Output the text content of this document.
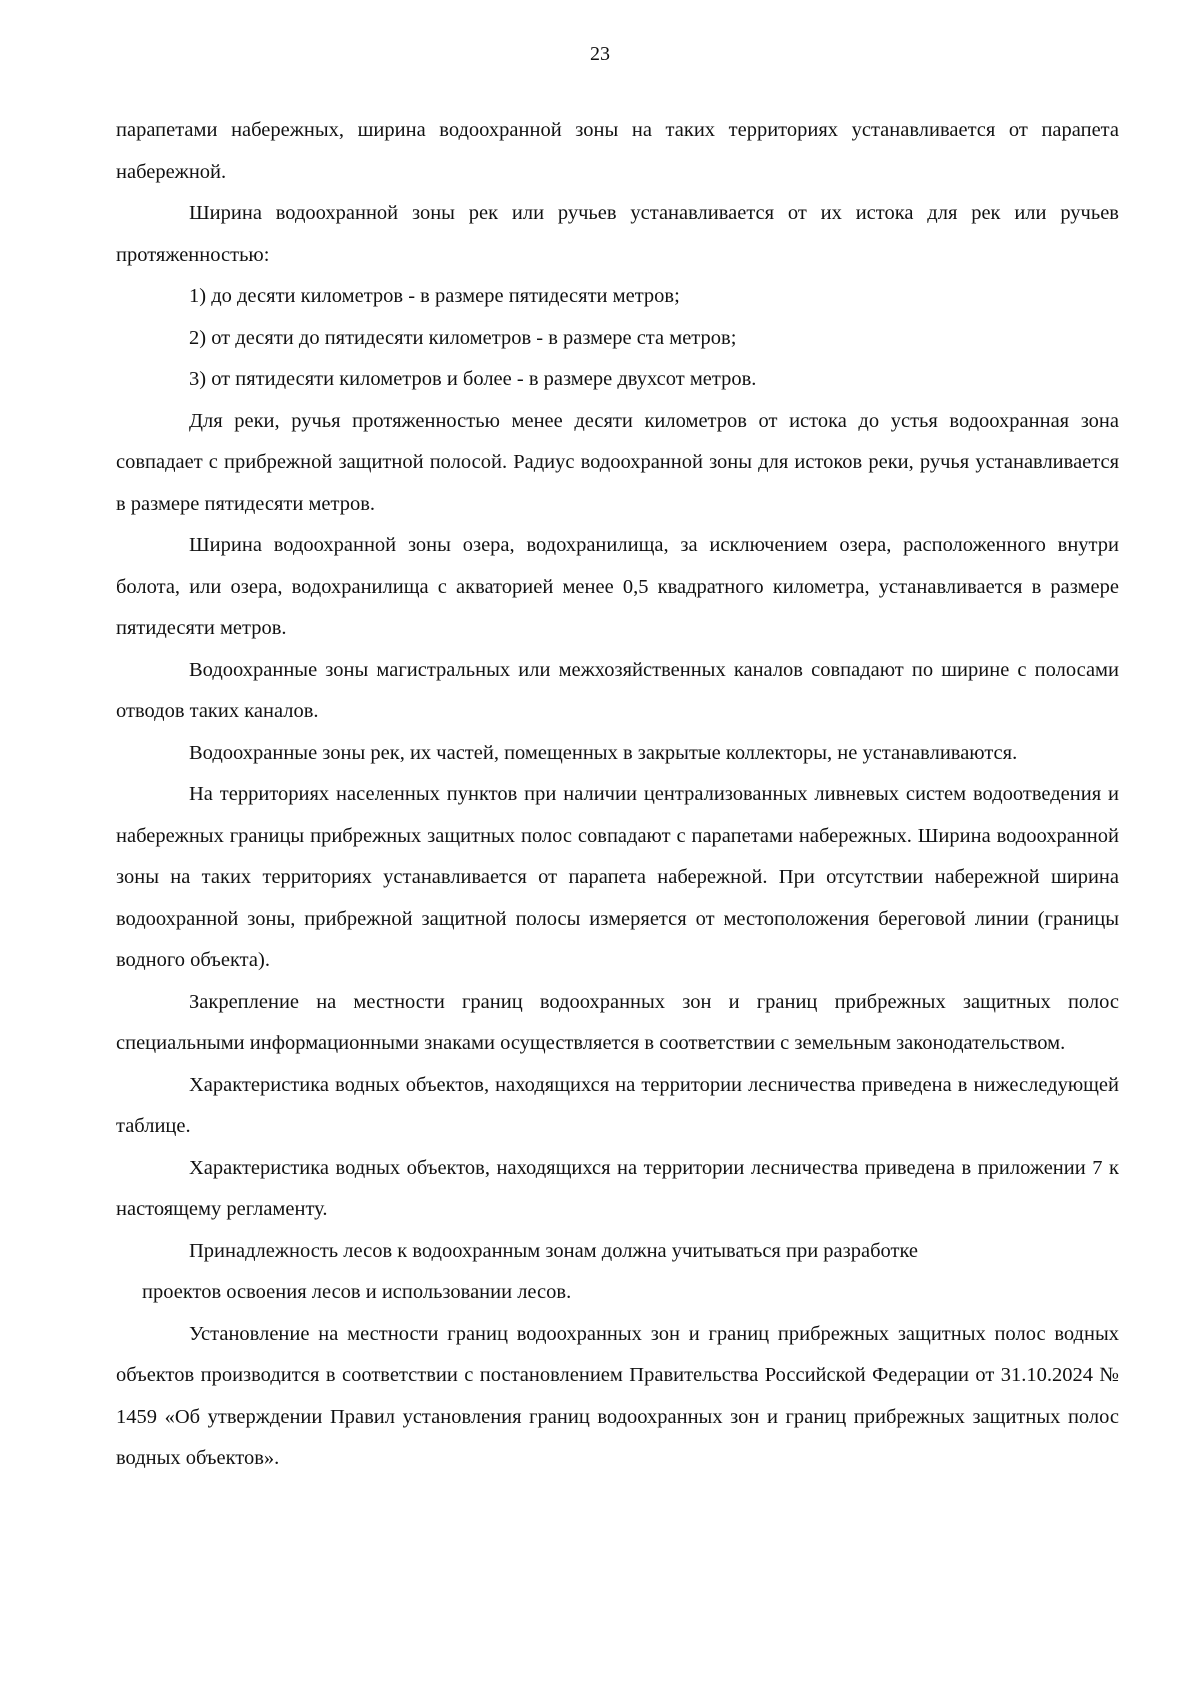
23

парапетами набережных, ширина водоохранной зоны на таких территориях устанавливается от парапета набережной.

Ширина водоохранной зоны рек или ручьев устанавливается от их истока для рек или ручьев протяженностью:

1) до десяти километров - в размере пятидесяти метров;

2) от десяти до пятидесяти километров - в размере ста метров;

3) от пятидесяти километров и более - в размере двухсот метров.

Для реки, ручья протяженностью менее десяти километров от истока до устья водоохранная зона совпадает с прибрежной защитной полосой. Радиус водоохранной зоны для истоков реки, ручья устанавливается в размере пятидесяти метров.

Ширина водоохранной зоны озера, водохранилища, за исключением озера, расположенного внутри болота, или озера, водохранилища с акваторией менее 0,5 квадратного километра, устанавливается в размере пятидесяти метров.

Водоохранные зоны магистральных или межхозяйственных каналов совпадают по ширине с полосами отводов таких каналов.

Водоохранные зоны рек, их частей, помещенных в закрытые коллекторы, не устанавливаются.

На территориях населенных пунктов при наличии централизованных ливневых систем водоотведения и набережных границы прибрежных защитных полос совпадают с парапетами набережных. Ширина водоохранной зоны на таких территориях устанавливается от парапета набережной. При отсутствии набережной ширина водоохранной зоны, прибрежной защитной полосы измеряется от местоположения береговой линии (границы водного объекта).

Закрепление на местности границ водоохранных зон и границ прибрежных защитных полос специальными информационными знаками осуществляется в соответствии с земельным законодательством.

Характеристика водных объектов, находящихся на территории лесничества приведена в нижеследующей таблице.

Характеристика водных объектов, находящихся на территории лесничества приведена в приложении 7 к настоящему регламенту.

Принадлежность лесов к водоохранным зонам должна учитываться при разработке

проектов освоения лесов и использовании лесов.

Установление на местности границ водоохранных зон и границ прибрежных защитных полос водных объектов производится в соответствии с постановлением Правительства Российской Федерации от 31.10.2024 № 1459 «Об утверждении Правил установления границ водоохранных зон и границ прибрежных защитных полос водных объектов».
